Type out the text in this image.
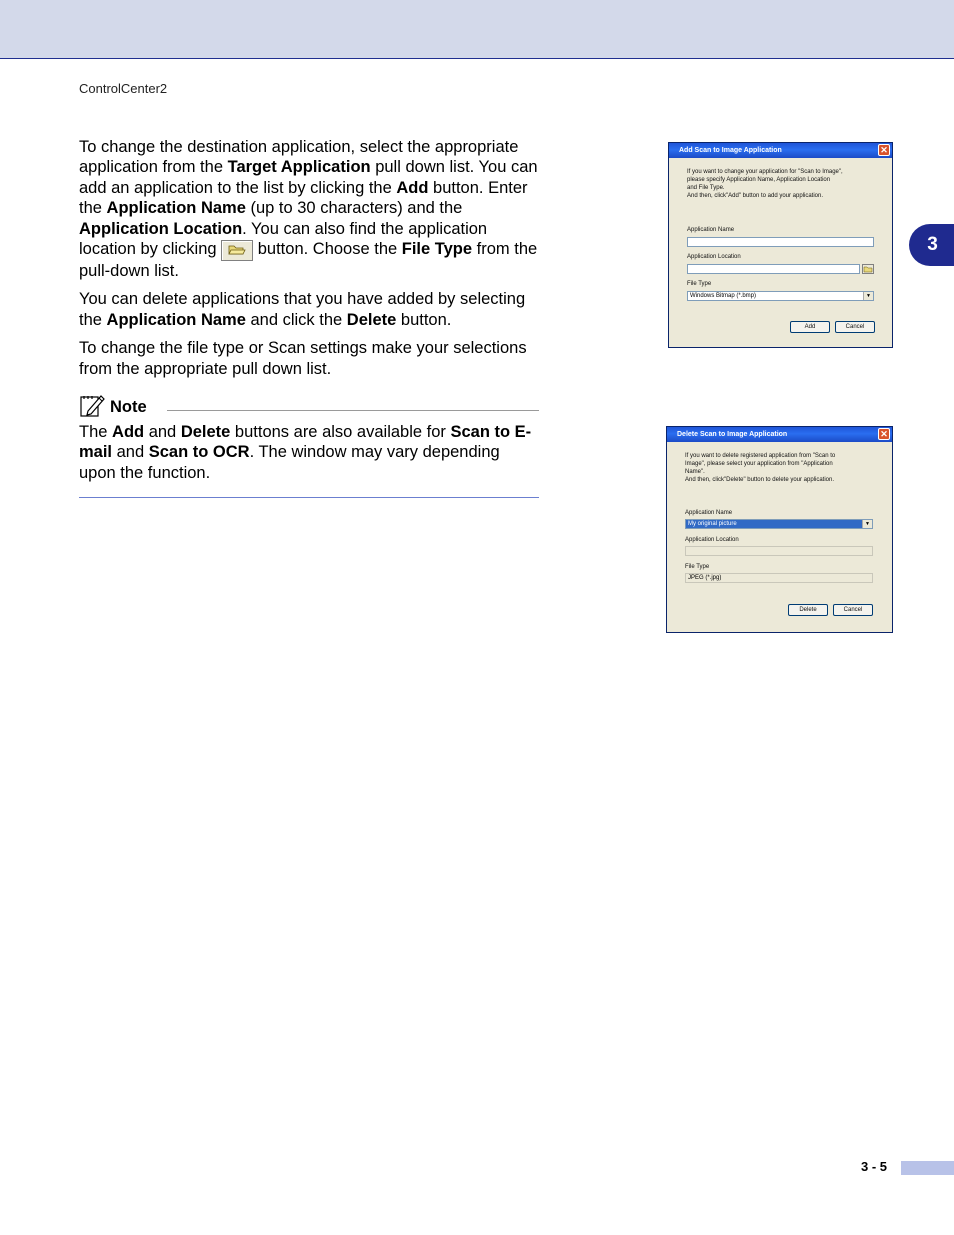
ControlCenter2
3

To change the destination application, select the appropriate application from the Target Application pull down list. You can add an application to the list by clicking the Add button. Enter the Application Name (up to 30 characters) and the Application Location. You can also find the application location by clicking  button. Choose the File Type from the pull-down list.

You can delete applications that you have added by selecting the Application Name and click the Delete button.

To change the file type or Scan settings make your selections from the appropriate pull down list.

Note
The Add and Delete buttons are also available for Scan to E-mail and Scan to OCR. The window may vary depending upon the function.
Add Scan to Image Application	✕
If you want to change your application for "Scan to Image",
please specify Application Name, Application Location
and File Type.
And then, click"Add" button to add your application.
Application Name
Application Location
File Type
Windows Bitmap (*.bmp)	▼
Add	Cancel
Delete Scan to Image Application	✕
If you want to delete registered application from "Scan to
Image", please select your application from "Application
Name".
And then, click"Delete" button to delete your application.
Application Name
My original picture	▼
Application Location
File Type
JPEG (*.jpg)
Delete	Cancel
3 - 5
